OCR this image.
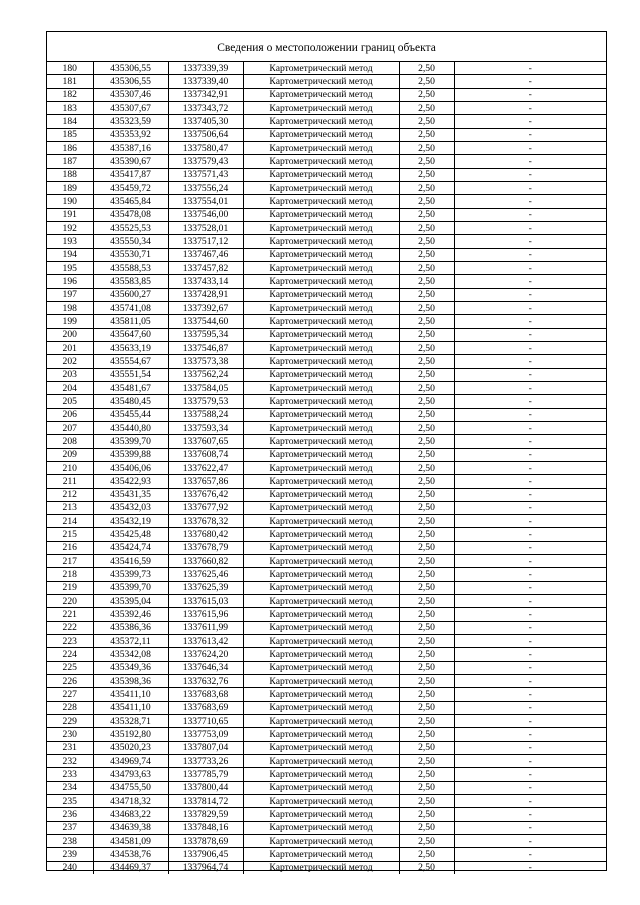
Сведения о местоположении границ объекта
180	435306,55	1337339,39	Картометрический метод	2,50	-
181	435306,55	1337339,40	Картометрический метод	2,50	-
182	435307,46	1337342,91	Картометрический метод	2,50	-
183	435307,67	1337343,72	Картометрический метод	2,50	-
184	435323,59	1337405,30	Картометрический метод	2,50	-
185	435353,92	1337506,64	Картометрический метод	2,50	-
186	435387,16	1337580,47	Картометрический метод	2,50	-
187	435390,67	1337579,43	Картометрический метод	2,50	-
188	435417,87	1337571,43	Картометрический метод	2,50	-
189	435459,72	1337556,24	Картометрический метод	2,50	-
190	435465,84	1337554,01	Картометрический метод	2,50	-
191	435478,08	1337546,00	Картометрический метод	2,50	-
192	435525,53	1337528,01	Картометрический метод	2,50	-
193	435550,34	1337517,12	Картометрический метод	2,50	-
194	435530,71	1337467,46	Картометрический метод	2,50	-
195	435588,53	1337457,82	Картометрический метод	2,50	-
196	435583,85	1337433,14	Картометрический метод	2,50	-
197	435600,27	1337428,91	Картометрический метод	2,50	-
198	435741,08	1337392,67	Картометрический метод	2,50	-
199	435811,05	1337544,60	Картометрический метод	2,50	-
200	435647,60	1337595,34	Картометрический метод	2,50	-
201	435633,19	1337546,87	Картометрический метод	2,50	-
202	435554,67	1337573,38	Картометрический метод	2,50	-
203	435551,54	1337562,24	Картометрический метод	2,50	-
204	435481,67	1337584,05	Картометрический метод	2,50	-
205	435480,45	1337579,53	Картометрический метод	2,50	-
206	435455,44	1337588,24	Картометрический метод	2,50	-
207	435440,80	1337593,34	Картометрический метод	2,50	-
208	435399,70	1337607,65	Картометрический метод	2,50	-
209	435399,88	1337608,74	Картометрический метод	2,50	-
210	435406,06	1337622,47	Картометрический метод	2,50	-
211	435422,93	1337657,86	Картометрический метод	2,50	-
212	435431,35	1337676,42	Картометрический метод	2,50	-
213	435432,03	1337677,92	Картометрический метод	2,50	-
214	435432,19	1337678,32	Картометрический метод	2,50	-
215	435425,48	1337680,42	Картометрический метод	2,50	-
216	435424,74	1337678,79	Картометрический метод	2,50	-
217	435416,59	1337660,82	Картометрический метод	2,50	-
218	435399,73	1337625,46	Картометрический метод	2,50	-
219	435399,70	1337625,39	Картометрический метод	2,50	-
220	435395,04	1337615,03	Картометрический метод	2,50	-
221	435392,46	1337615,96	Картометрический метод	2,50	-
222	435386,36	1337611,99	Картометрический метод	2,50	-
223	435372,11	1337613,42	Картометрический метод	2,50	-
224	435342,08	1337624,20	Картометрический метод	2,50	-
225	435349,36	1337646,34	Картометрический метод	2,50	-
226	435398,36	1337632,76	Картометрический метод	2,50	-
227	435411,10	1337683,68	Картометрический метод	2,50	-
228	435411,10	1337683,69	Картометрический метод	2,50	-
229	435328,71	1337710,65	Картометрический метод	2,50	-
230	435192,80	1337753,09	Картометрический метод	2,50	-
231	435020,23	1337807,04	Картометрический метод	2,50	-
232	434969,74	1337733,26	Картометрический метод	2,50	-
233	434793,63	1337785,79	Картометрический метод	2,50	-
234	434755,50	1337800,44	Картометрический метод	2,50	-
235	434718,32	1337814,72	Картометрический метод	2,50	-
236	434683,22	1337829,59	Картометрический метод	2,50	-
237	434639,38	1337848,16	Картометрический метод	2,50	-
238	434581,09	1337878,69	Картометрический метод	2,50	-
239	434538,76	1337906,45	Картометрический метод	2,50	-
240	434469,37	1337964,74	Картометрический метод	2,50	-
